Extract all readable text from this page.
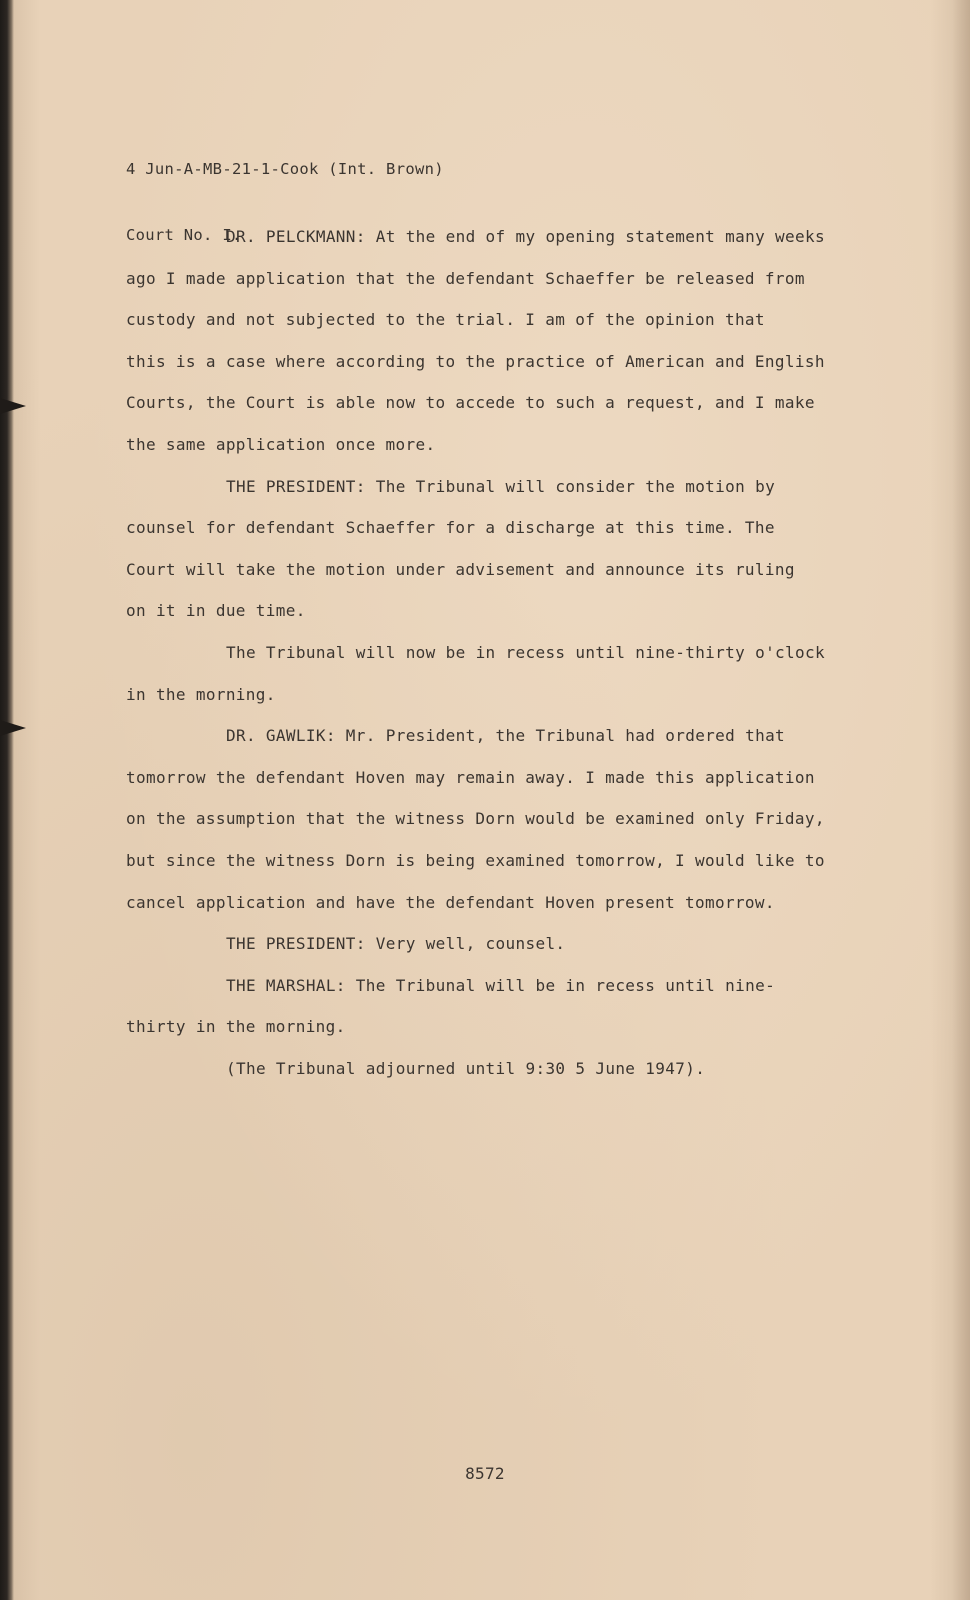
4 Jun-A-MB-21-1-Cook (Int. Brown)

Court No. I.

DR. PELCKMANN: At the end of my opening statement many weeks
ago I made application that the defendant Schaeffer be released from
custody and not subjected to the trial. I am of the opinion that
this is a case where according to the practice of American and English
Courts, the Court is able now to accede to such a request, and I make
the same application once more.
THE PRESIDENT: The Tribunal will consider the motion by
counsel for defendant Schaeffer for a discharge at this time. The
Court will take the motion under advisement and announce its ruling
on it in due time.
The Tribunal will now be in recess until nine-thirty o'clock
in the morning.
DR. GAWLIK: Mr. President, the Tribunal had ordered that
tomorrow the defendant Hoven may remain away. I made this application
on the assumption that the witness Dorn would be examined only Friday,
but since the witness Dorn is being examined tomorrow, I would like to
cancel application and have the defendant Hoven present tomorrow.
THE PRESIDENT: Very well, counsel.
THE MARSHAL: The Tribunal will be in recess until nine-
thirty in the morning.
(The Tribunal adjourned until 9:30 5 June 1947).
8572
